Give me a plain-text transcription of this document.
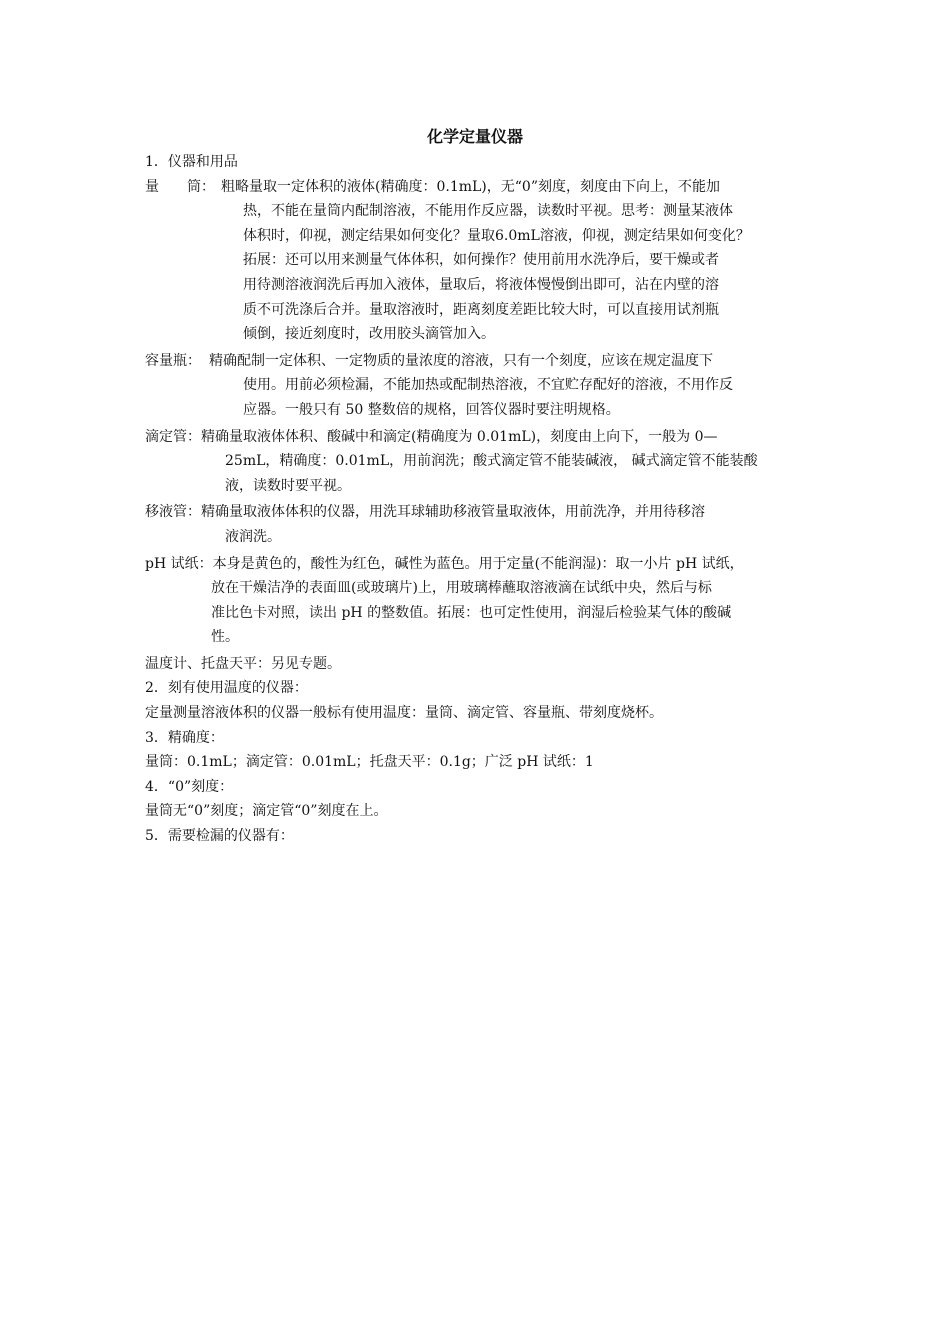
化学定量仪器
1．仪器和用品
量　　筒： 粗略量取一定体积的液体(精确度：0.1mL)，无“0”刻度，刻度由下向上，不能加
热，不能在量筒内配制溶液，不能用作反应器，读数时平视。思考：测量某液体
体积时，仰视，测定结果如何变化？量取6.0mL溶液，仰视，测定结果如何变化？
拓展：还可以用来测量气体体积，如何操作？使用前用水洗净后，要干燥或者
用待测溶液润洗后再加入液体，量取后，将液体慢慢倒出即可，沾在内壁的溶
质不可洗涤后合并。量取溶液时，距离刻度差距比较大时，可以直接用试剂瓶
倾倒，接近刻度时，改用胶头滴管加入。
容量瓶： 精确配制一定体积、一定物质的量浓度的溶液，只有一个刻度，应该在规定温度下
使用。用前必须检漏，不能加热或配制热溶液，不宜贮存配好的溶液，不用作反
应器。一般只有 50 整数倍的规格，回答仪器时要注明规格。
滴定管：精确量取液体体积、酸碱中和滴定(精确度为 0.01mL)，刻度由上向下，一般为 0—
25mL，精确度：0.01mL，用前润洗；酸式滴定管不能装碱液， 碱式滴定管不能装酸
液，读数时要平视。
移液管：精确量取液体体积的仪器，用洗耳球辅助移液管量取液体，用前洗净，并用待移溶
液润洗。
pH 试纸：本身是黄色的，酸性为红色，碱性为蓝色。用于定量(不能润湿)：取一小片 pH 试纸，
放在干燥洁净的表面皿(或玻璃片)上，用玻璃棒蘸取溶液滴在试纸中央，然后与标
准比色卡对照，读出 pH 的整数值。拓展：也可定性使用，润湿后检验某气体的酸碱
性。
温度计、托盘天平：另见专题。
2．刻有使用温度的仪器：
定量测量溶液体积的仪器一般标有使用温度：量筒、滴定管、容量瓶、带刻度烧杯。
3．精确度：
量筒：0.1mL；滴定管：0.01mL；托盘天平：0.1g；广泛 pH 试纸：1
4．“0”刻度：
量筒无“0”刻度；滴定管“0”刻度在上。
5．需要检漏的仪器有：
